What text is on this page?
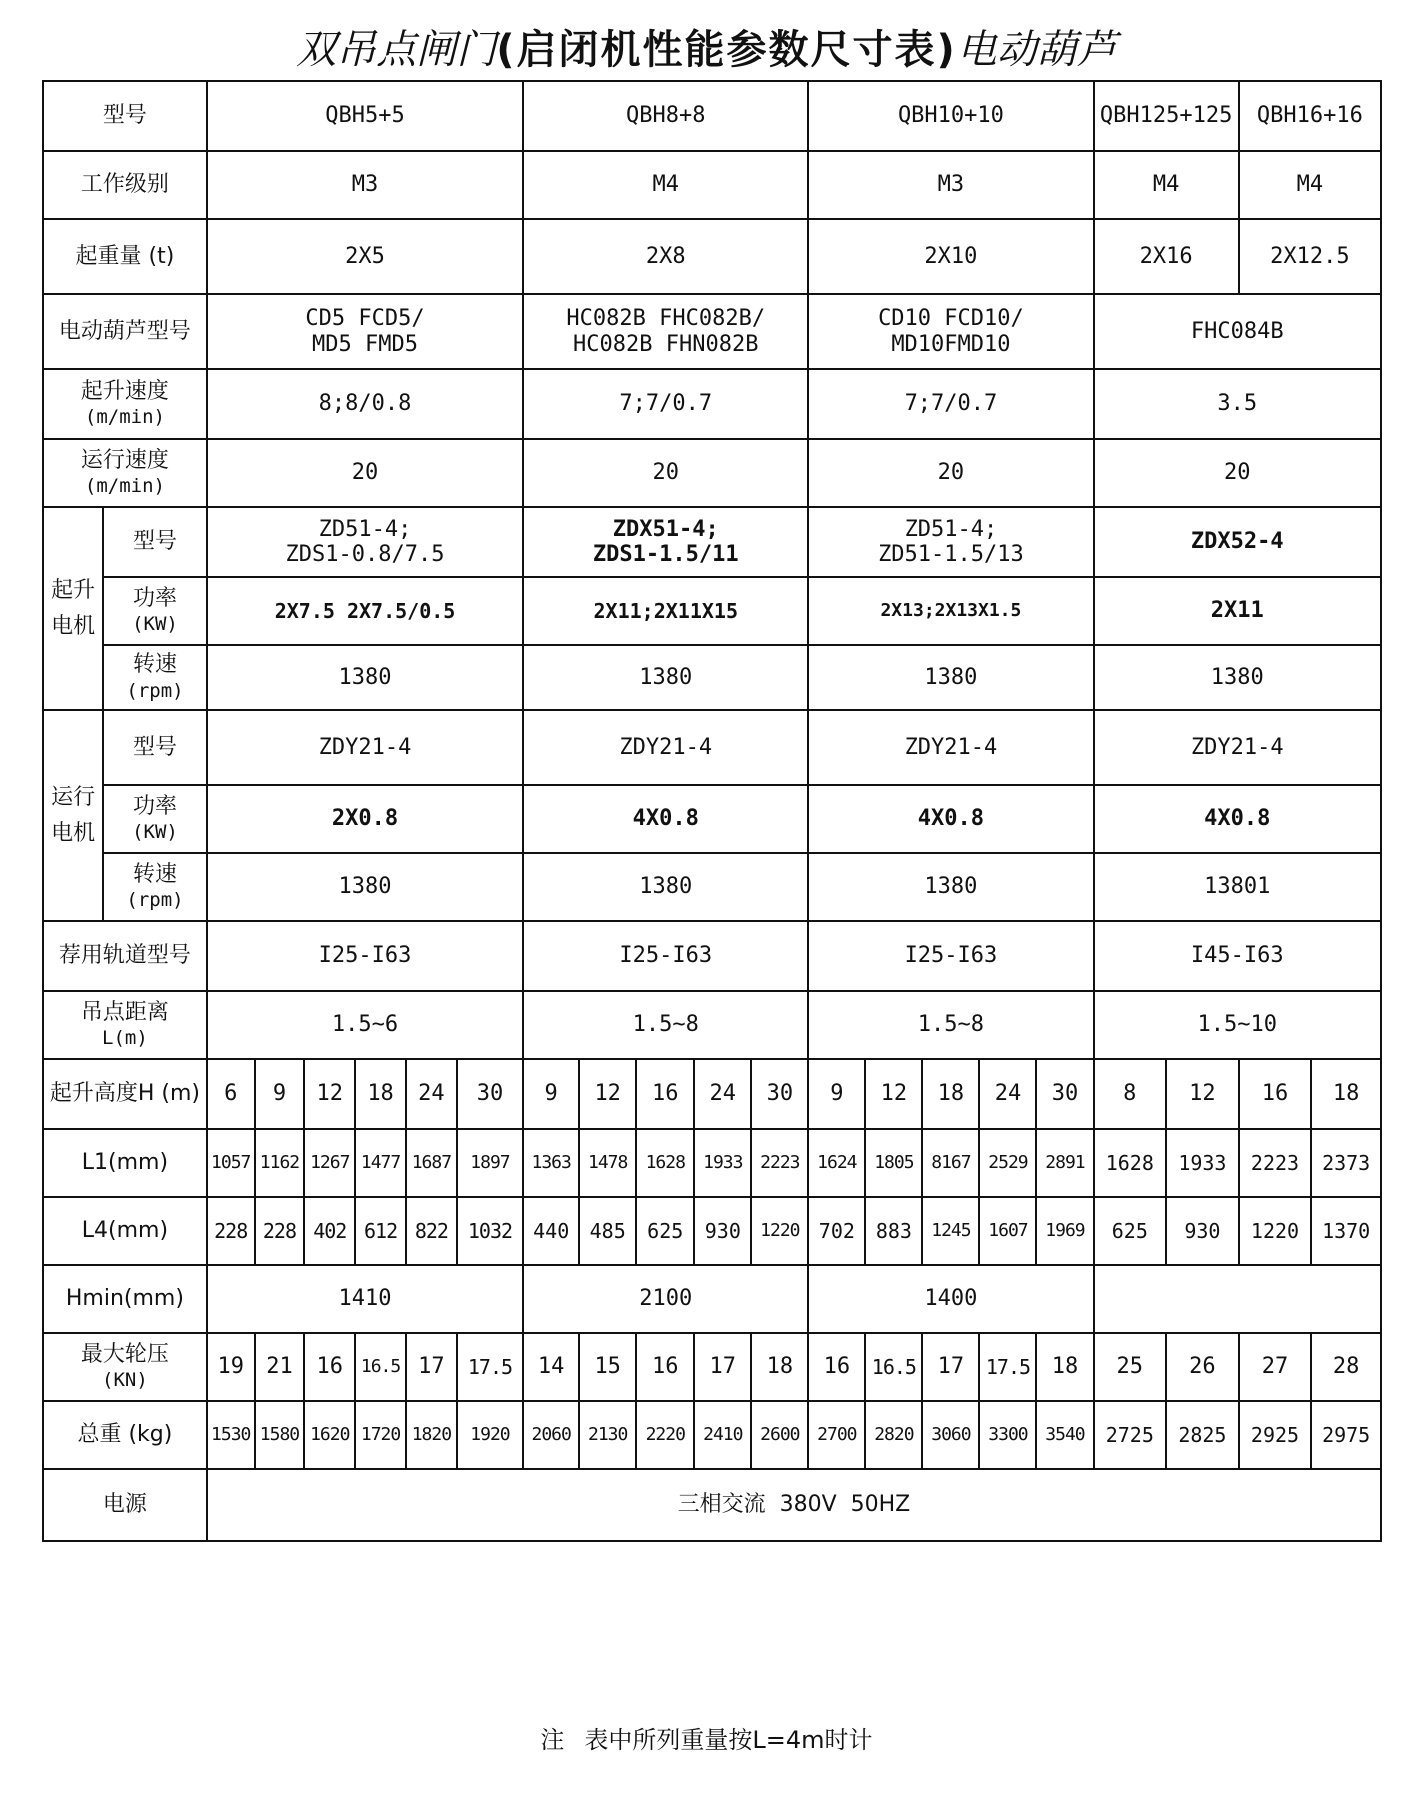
双吊点闸门(启闭机性能参数尺寸表)电动葫芦
型号		QBH5+5						QBH8+8					QBH10+10					QBH125+125		QBH16+16	
工作级别		M3						M4					M3					M4		M4	
起重量 (t)		2X5						2X8					2X10					2X16		2X12.5	
电动葫芦型号		CD5 FCD5/
MD5 FMD5						HC082B FHC082B/
HC082B FHN082B					CD10 FCD10/
MD10FMD10					FHC084B			
起升速度
(m/min)		8;8/0.8						7;7/0.7					7;7/0.7					3.5			
运行速度
(m/min)		20						20					20					20			
起升
电机	型号	ZD51-4;
ZDS1-0.8/7.5						ZDX51-4;
ZDS1-1.5/11					ZD51-4;
ZD51-1.5/13					ZDX52-4			
	功率
(KW)	2X7.5 2X7.5/0.5						2X11;2X11X15					2X13;2X13X1.5					2X11			
	转速
(rpm)	1380						1380					1380					1380			
运行
电机	型号	ZDY21-4						ZDY21-4					ZDY21-4					ZDY21-4			
	功率
(KW)	2X0.8						4X0.8					4X0.8					4X0.8			
	转速
(rpm)	1380						1380					1380					13801			
荐用轨道型号		I25-I63						I25-I63					I25-I63					I45-I63			
吊点距离
L(m)		1.5~6						1.5~8					1.5~8					1.5~10			
起升高度H (m)		6	9	12	18	24	30	9	12	16	24	30	9	12	18	24	30	8	12	16	18
L1(mm)		1057	1162	1267	1477	1687	1897	1363	1478	1628	1933	2223	1624	1805	8167	2529	2891	1628	1933	2223	2373
L4(mm)		228	228	402	612	822	1032	440	485	625	930	1220	702	883	1245	1607	1969	625	930	1220	1370
Hmin(mm)		1410						2100					1400								
最大轮压
(KN)		19	21	16	16.5	17	17.5	14	15	16	17	18	16	16.5	17	17.5	18	25	26	27	28
总重 (kg)		1530	1580	1620	1720	1820	1920	2060	2130	2220	2410	2600	2700	2820	3060	3300	3540	2725	2825	2925	2975
电源		三相交流  380V  50HZ																			
注 表中所列重量按L=4m时计
